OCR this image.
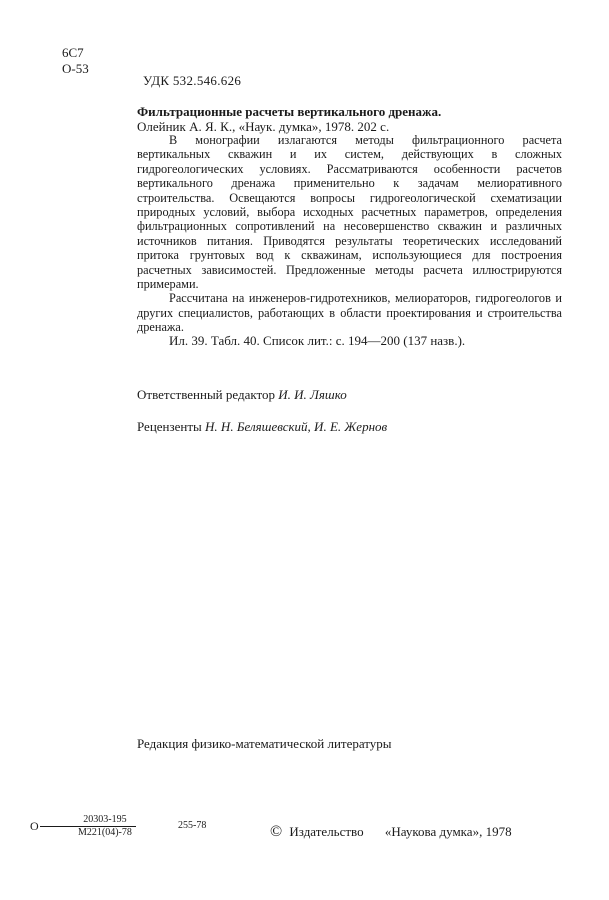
6С7
О-53
УДК 532.546.626
Фильтрационные расчеты вертикального дренажа.
Олейник А. Я. К., «Наук. думка», 1978. 202 с.

В монографии излагаются методы фильтрационного расчета вертикальных скважин и их систем, действующих в сложных гидрогеологических условиях. Рассматриваются особенности расчетов вертикального дренажа применительно к задачам мелиоративного строительства. Освещаются вопросы гидрогеологической схематизации природных условий, выбора исходных расчетных параметров, определения фильтрационных сопротивлений на несовершенство скважин и различных источников питания. Приводятся результаты теоретических исследований притока грунтовых вод к скважинам, использующиеся для построения расчетных зависимостей. Предложенные методы расчета иллюстрируются примерами.

Рассчитана на инженеров-гидротехников, мелиораторов, гидрогеологов и других специалистов, работающих в области проектирования и строительства дренажа.

Ил. 39. Табл. 40. Список лит.: с. 194—200 (137 назв.).
Ответственный редактор И. И. Ляшко
Рецензенты Н. Н. Беляшевский, И. Е. Жернов
Редакция физико-математической литературы
О	20303-195
М221(04)-78
255-78	© Издательство «Наукова думка», 1978
